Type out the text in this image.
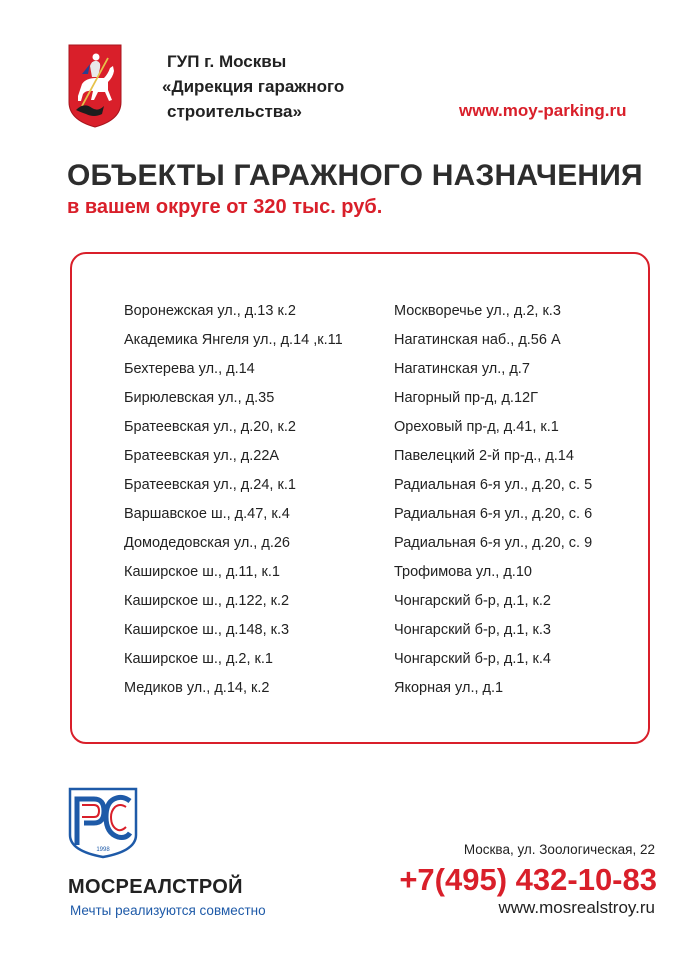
ГУП г. Москвы
«Дирекция гаражного
строительства»	www.moy-parking.ru
ОБЪЕКТЫ ГАРАЖНОГО НАЗНАЧЕНИЯ
в вашем округе от 320 тыс. руб.
Воронежская ул., д.13 к.2
Академика Янгеля ул., д.14 ,к.11
Бехтерева ул., д.14
Бирюлевская ул., д.35
Братеевская ул., д.20, к.2
Братеевская ул., д.22А
Братеевская ул., д.24, к.1
Варшавское ш., д.47, к.4
Домодедовская ул., д.26
Каширское ш., д.11, к.1
Каширское ш., д.122, к.2
Каширское ш., д.148, к.3
Каширское ш., д.2, к.1
Медиков ул., д.14, к.2
Москворечье ул., д.2, к.3
Нагатинская наб., д.56 А
Нагатинская ул., д.7
Нагорный пр-д, д.12Г
Ореховый пр-д, д.41, к.1
Павелецкий 2-й пр-д., д.14
Радиальная 6-я ул., д.20, с. 5
Радиальная 6-я ул., д.20, с. 6
Радиальная 6-я ул., д.20, с. 9
Трофимова ул., д.10
Чонгарский б-р, д.1, к.2
Чонгарский б-р, д.1, к.3
Чонгарский б-р, д.1, к.4
Якорная ул., д.1
1998
МОСРЕАЛСТРОЙ
Мечты реализуются совместно
Москва, ул. Зоологическая, 22
+7(495) 432-10-83
www.mosrealstroy.ru
